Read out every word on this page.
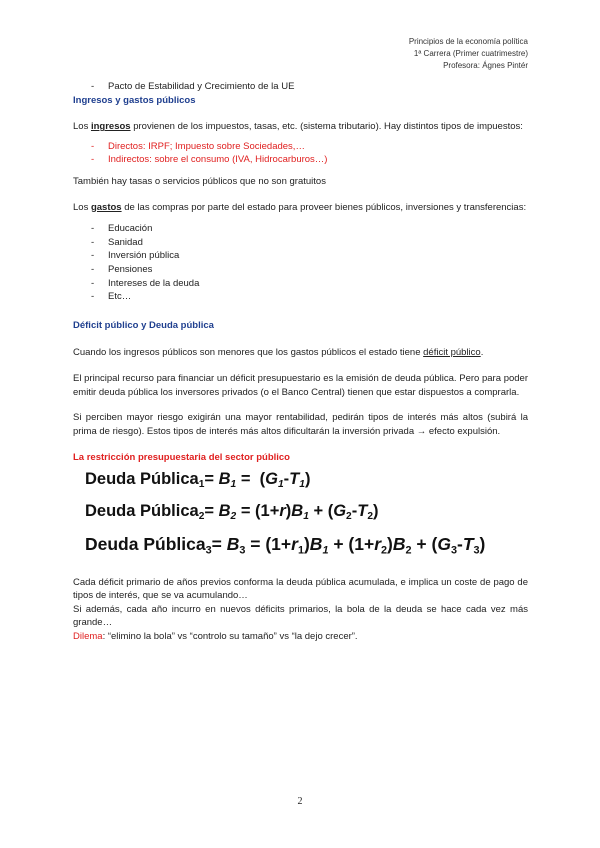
Principios de la economía política
1ª Carrera (Primer cuatrimestre)
Profesora: Ágnes Pintér
- Pacto de Estabilidad y Crecimiento de la UE
Ingresos y gastos públicos

Los ingresos provienen de los impuestos, tasas, etc. (sistema tributario). Hay distintos tipos de impuestos:

- Directos: IRPF; Impuesto sobre Sociedades,…
- Indirectos: sobre el consumo (IVA, Hidrocarburos…)

También hay tasas o servicios públicos que no son gratuitos

Los gastos de las compras por parte del estado para proveer bienes públicos, inversiones y transferencias:

- Educación
- Sanidad
- Inversión pública
- Pensiones
- Intereses de la deuda
- Etc…
Déficit público y Deuda pública

Cuando los ingresos públicos son menores que los gastos públicos el estado tiene déficit público.

El principal recurso para financiar un déficit presupuestario es la emisión de deuda pública. Pero para poder emitir deuda pública los inversores privados (o el Banco Central) tienen que estar dispuestos a comprarla.

Si perciben mayor riesgo exigirán una mayor rentabilidad, pedirán tipos de interés más altos (subirá la prima de riesgo). Estos tipos de interés más altos dificultarán la inversión privada → efecto expulsión.

La restricción presupuestaria del sector público
Deuda Pública$_1$= $B_1 = (G_1-T_1)$
Deuda Pública$_2$= $B_2 = (1+r)B_1 + (G_2-T_2)$
Deuda Pública$_3$= $B_3 = (1+r_1)B_1 + (1+r_2)B_2 + (G_3-T_3)$

Cada déficit primario de años previos conforma la deuda pública acumulada, e implica un coste de pago de tipos de interés, que se va acumulando…

Si además, cada año incurro en nuevos déficits primarios, la bola de la deuda se hace cada vez más grande…

Dilema: “elimino la bola” vs “controlo su tamaño” vs “la dejo crecer”.

2
